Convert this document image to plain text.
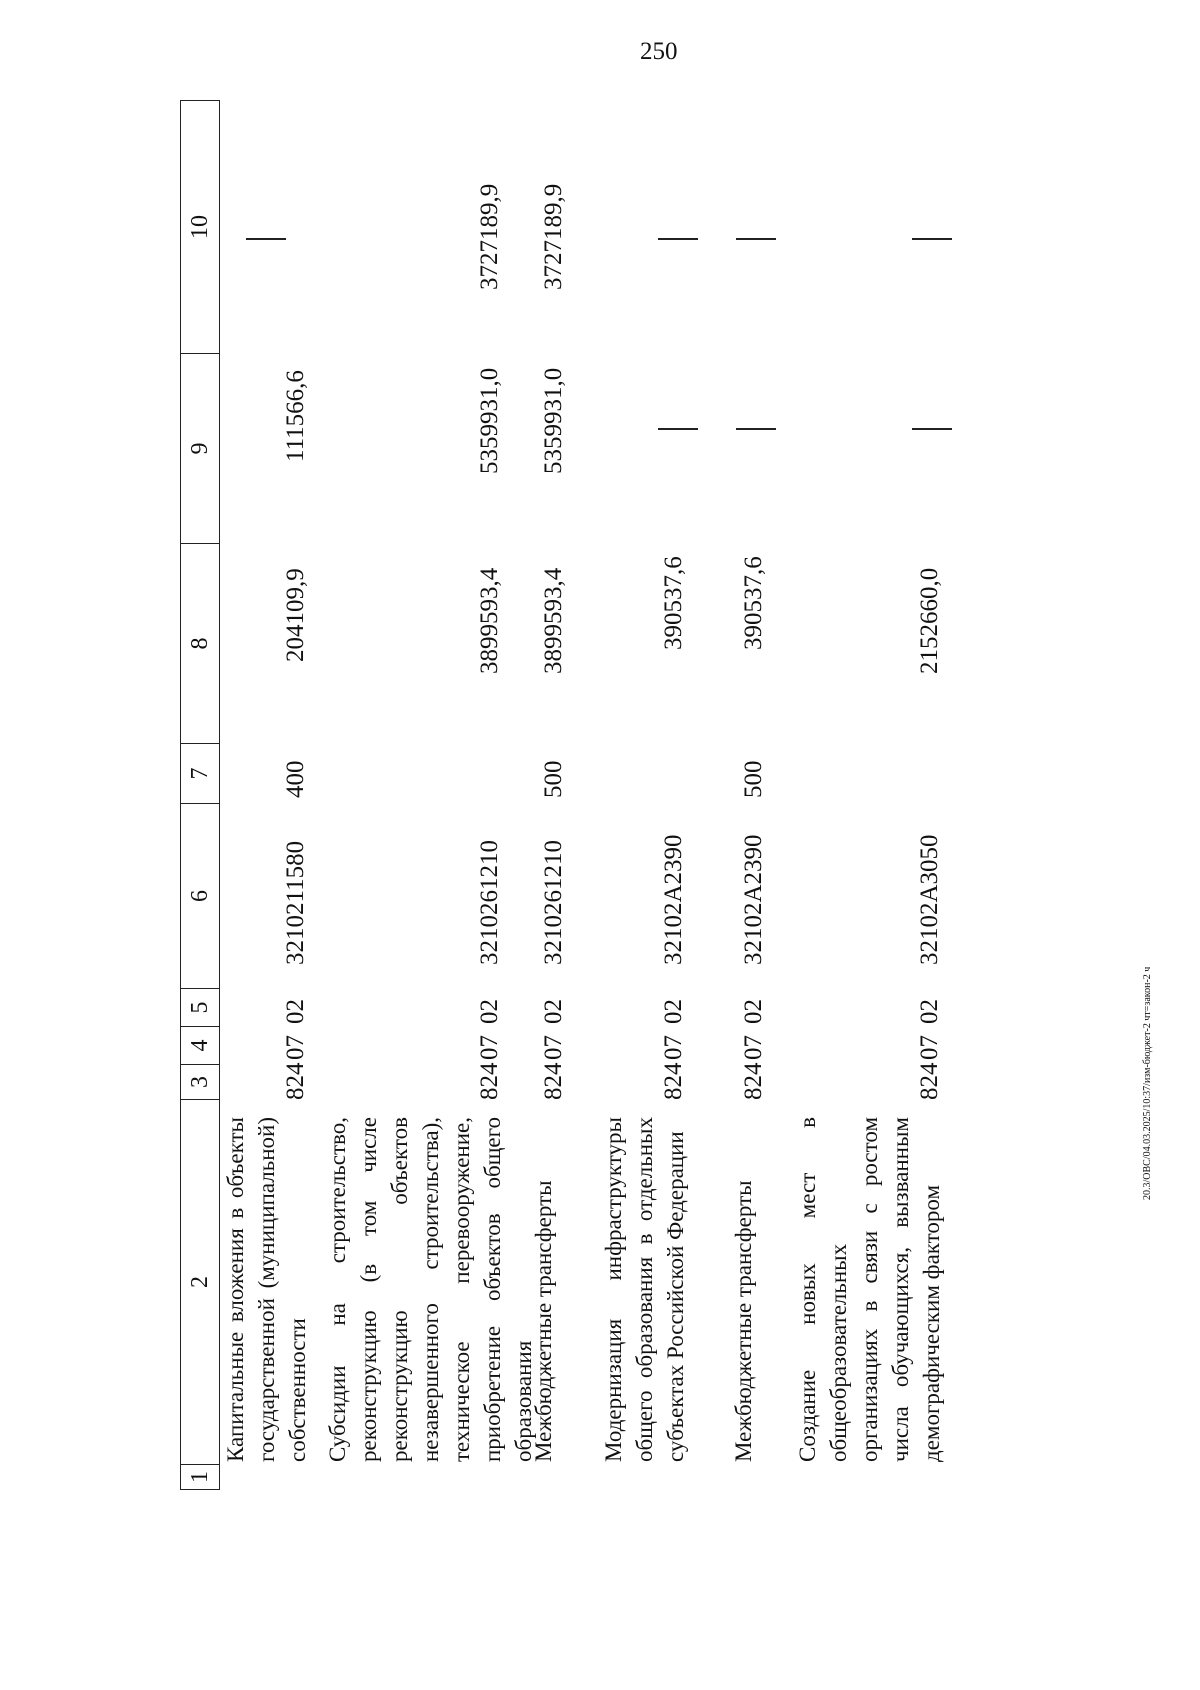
250
20.3/OBC/04.03.2025/10:37/изм-бюджет-2 чт=закон-2 ч
1
2
3
4
5
6
7
8
9
10
Капитальные вложения в объекты государственной (муниципальной) собственности
824
07
02
3210211580
400
204109,9
111566,6
Субсидии на строительство, реконструкцию (в том числе реконструкцию объектов незавершенного строительства), техническое перевооружение, приобретение объектов общего образования
824
07
02
3210261210
3899593,4
5359931,0
3727189,9
Межбюджетные трансферты
824
07
02
3210261210
500
3899593,4
5359931,0
3727189,9
Модернизация инфраструктуры общего образования в отдельных субъектах Российской Федерации
824
07
02
32102A2390
390537,6
Межбюджетные трансферты
824
07
02
32102A2390
500
390537,6
Создание новых мест в общеобразовательных организациях в связи с ростом числа обучающихся, вызванным демографическим фактором
824
07
02
32102A3050
2152660,0
